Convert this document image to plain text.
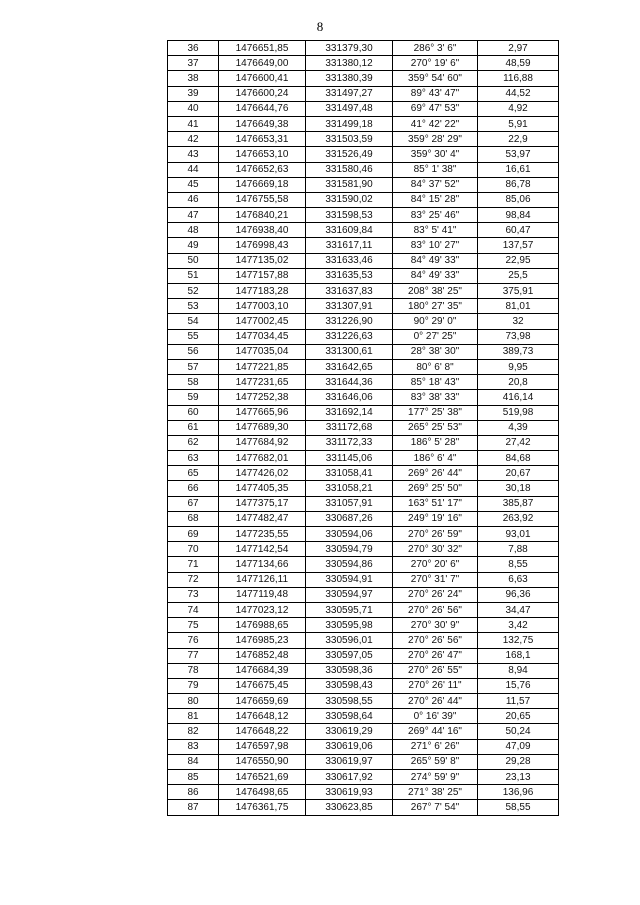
8
36	1476651,85	331379,30	286° 3' 6"	2,97
37	1476649,00	331380,12	270° 19' 6"	48,59
38	1476600,41	331380,39	359° 54' 60"	116,88
39	1476600,24	331497,27	89° 43' 47"	44,52
40	1476644,76	331497,48	69° 47' 53"	4,92
41	1476649,38	331499,18	41° 42' 22"	5,91
42	1476653,31	331503,59	359° 28' 29"	22,9
43	1476653,10	331526,49	359° 30' 4"	53,97
44	1476652,63	331580,46	85° 1' 38"	16,61
45	1476669,18	331581,90	84° 37' 52"	86,78
46	1476755,58	331590,02	84° 15' 28"	85,06
47	1476840,21	331598,53	83° 25' 46"	98,84
48	1476938,40	331609,84	83° 5' 41"	60,47
49	1476998,43	331617,11	83° 10' 27"	137,57
50	1477135,02	331633,46	84° 49' 33"	22,95
51	1477157,88	331635,53	84° 49' 33"	25,5
52	1477183,28	331637,83	208° 38' 25"	375,91
53	1477003,10	331307,91	180° 27' 35"	81,01
54	1477002,45	331226,90	90° 29' 0"	32
55	1477034,45	331226,63	0° 27' 25"	73,98
56	1477035,04	331300,61	28° 38' 30"	389,73
57	1477221,85	331642,65	80° 6' 8"	9,95
58	1477231,65	331644,36	85° 18' 43"	20,8
59	1477252,38	331646,06	83° 38' 33"	416,14
60	1477665,96	331692,14	177° 25' 38"	519,98
61	1477689,30	331172,68	265° 25' 53"	4,39
62	1477684,92	331172,33	186° 5' 28"	27,42
63	1477682,01	331145,06	186° 6' 4"	84,68
65	1477426,02	331058,41	269° 26' 44"	20,67
66	1477405,35	331058,21	269° 25' 50"	30,18
67	1477375,17	331057,91	163° 51' 17"	385,87
68	1477482,47	330687,26	249° 19' 16"	263,92
69	1477235,55	330594,06	270° 26' 59"	93,01
70	1477142,54	330594,79	270° 30' 32"	7,88
71	1477134,66	330594,86	270° 20' 6"	8,55
72	1477126,11	330594,91	270° 31' 7"	6,63
73	1477119,48	330594,97	270° 26' 24"	96,36
74	1477023,12	330595,71	270° 26' 56"	34,47
75	1476988,65	330595,98	270° 30' 9"	3,42
76	1476985,23	330596,01	270° 26' 56"	132,75
77	1476852,48	330597,05	270° 26' 47"	168,1
78	1476684,39	330598,36	270° 26' 55"	8,94
79	1476675,45	330598,43	270° 26' 11"	15,76
80	1476659,69	330598,55	270° 26' 44"	11,57
81	1476648,12	330598,64	0° 16' 39"	20,65
82	1476648,22	330619,29	269° 44' 16"	50,24
83	1476597,98	330619,06	271° 6' 26"	47,09
84	1476550,90	330619,97	265° 59' 8"	29,28
85	1476521,69	330617,92	274° 59' 9"	23,13
86	1476498,65	330619,93	271° 38' 25"	136,96
87	1476361,75	330623,85	267° 7' 54"	58,55
